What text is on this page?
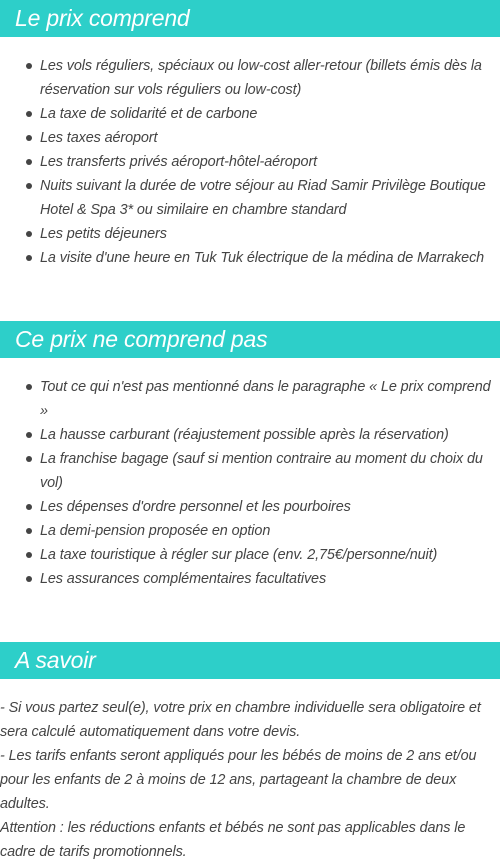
Le prix comprend
Les vols réguliers, spéciaux ou low-cost aller-retour (billets émis dès la réservation sur vols réguliers ou low-cost)
La taxe de solidarité et de carbone
Les taxes aéroport
Les transferts privés aéroport-hôtel-aéroport
Nuits suivant la durée de votre séjour au Riad Samir Privilège Boutique Hotel & Spa 3* ou similaire en chambre standard
Les petits déjeuners
La visite d'une heure en Tuk Tuk électrique de la médina de Marrakech
Ce prix ne comprend pas
Tout ce qui n'est pas mentionné dans le paragraphe « Le prix comprend »
La hausse carburant (réajustement possible après la réservation)
La franchise bagage (sauf si mention contraire au moment du choix du vol)
Les dépenses d'ordre personnel et les pourboires
La demi-pension proposée en option
La taxe touristique à régler sur place (env. 2,75€/personne/nuit)
Les assurances complémentaires facultatives
A savoir

- Si vous partez seul(e), votre prix en chambre individuelle sera obligatoire et sera calculé automatiquement dans votre devis.

- Les tarifs enfants seront appliqués pour les bébés de moins de 2 ans et/ou pour les enfants de 2 à moins de 12 ans, partageant la chambre de deux adultes.

Attention : les réductions enfants et bébés ne sont pas applicables dans le cadre de tarifs promotionnels.
